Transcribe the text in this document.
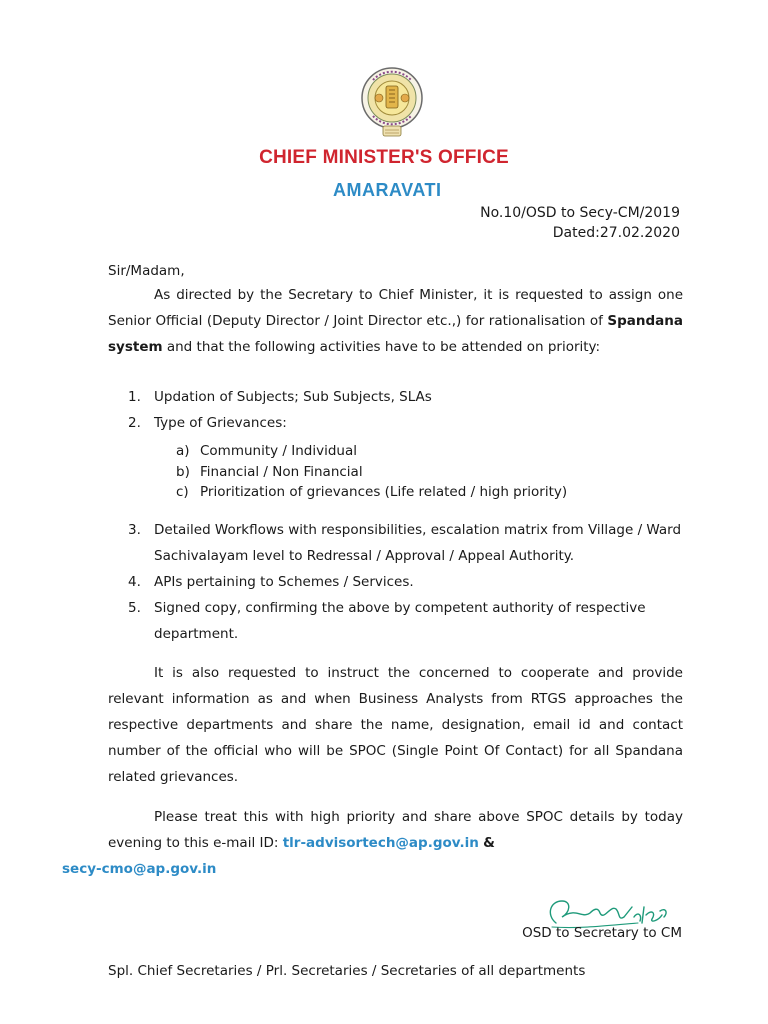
CHIEF MINISTER'S OFFICE
AMARAVATI
No.10/OSD to Secy-CM/2019
Dated:27.02.2020
Sir/Madam,
As directed by the Secretary to Chief Minister, it is requested to assign one Senior Official (Deputy Director / Joint Director etc.,) for rationalisation of Spandana system and that the following activities have to be attended on priority:
1. Updation of Subjects; Sub Subjects, SLAs
2. Type of Grievances:
a) Community / Individual
b) Financial / Non Financial
c) Prioritization of grievances (Life related / high priority)
3. Detailed Workflows with responsibilities, escalation matrix from Village / Ward Sachivalayam level to Redressal / Approval / Appeal Authority.
4. APIs pertaining to Schemes / Services.
5. Signed copy, confirming the above by competent authority of respective department.
It is also requested to instruct the concerned to cooperate and provide relevant information as and when Business Analysts from RTGS approaches the respective departments and share the name, designation, email id and contact number of the official who will be SPOC (Single Point Of Contact) for all Spandana related grievances.
Please treat this with high priority and share above SPOC details by today evening to this e-mail ID: tlr-advisortech@ap.gov.in &
secy-cmo@ap.gov.in
OSD to Secretary to CM
Spl. Chief Secretaries / Prl. Secretaries / Secretaries of all departments
